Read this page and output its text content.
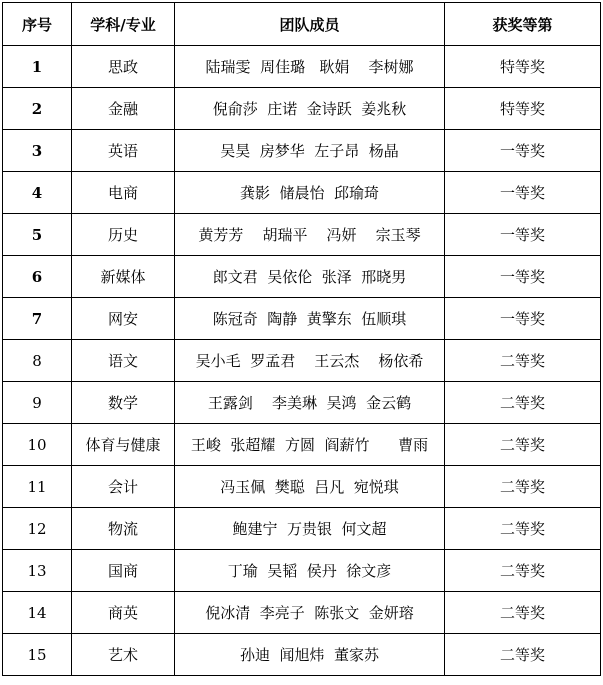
序号	学科/专业	团队成员	获奖等第
1	思政	陆瑞雯  周佳璐   耿娟    李树娜	特等奖
2	金融	倪俞莎  庄诺  金诗跃  姜兆秋	特等奖
3	英语	吴昊  房梦华  左子昂  杨晶	一等奖
4	电商	龚影  储晨怡  邱瑜琦	一等奖
5	历史	黄芳芳    胡瑞平    冯妍    宗玉琴	一等奖
6	新媒体	郎文君  吴依伦  张泽  邢晓男	一等奖
7	网安	陈冠奇  陶静  黄擎东  伍顺琪	一等奖
8	语文	吴小毛  罗孟君    王云杰    杨依希	二等奖
9	数学	王露剑    李美琳  吴鸿  金云鹤	二等奖
10	体育与健康	王峻  张超耀  方圆  阎薪竹      曹雨	二等奖
11	会计	冯玉佩  樊聪  吕凡  宛悦琪	二等奖
12	物流	鲍建宁  万贵银  何文超	二等奖
13	国商	丁瑜  吴韬  侯丹  徐文彦	二等奖
14	商英	倪冰清  李亮子  陈张文  金妍瑢	二等奖
15	艺术	孙迪  闻旭炜  董家苏	二等奖
